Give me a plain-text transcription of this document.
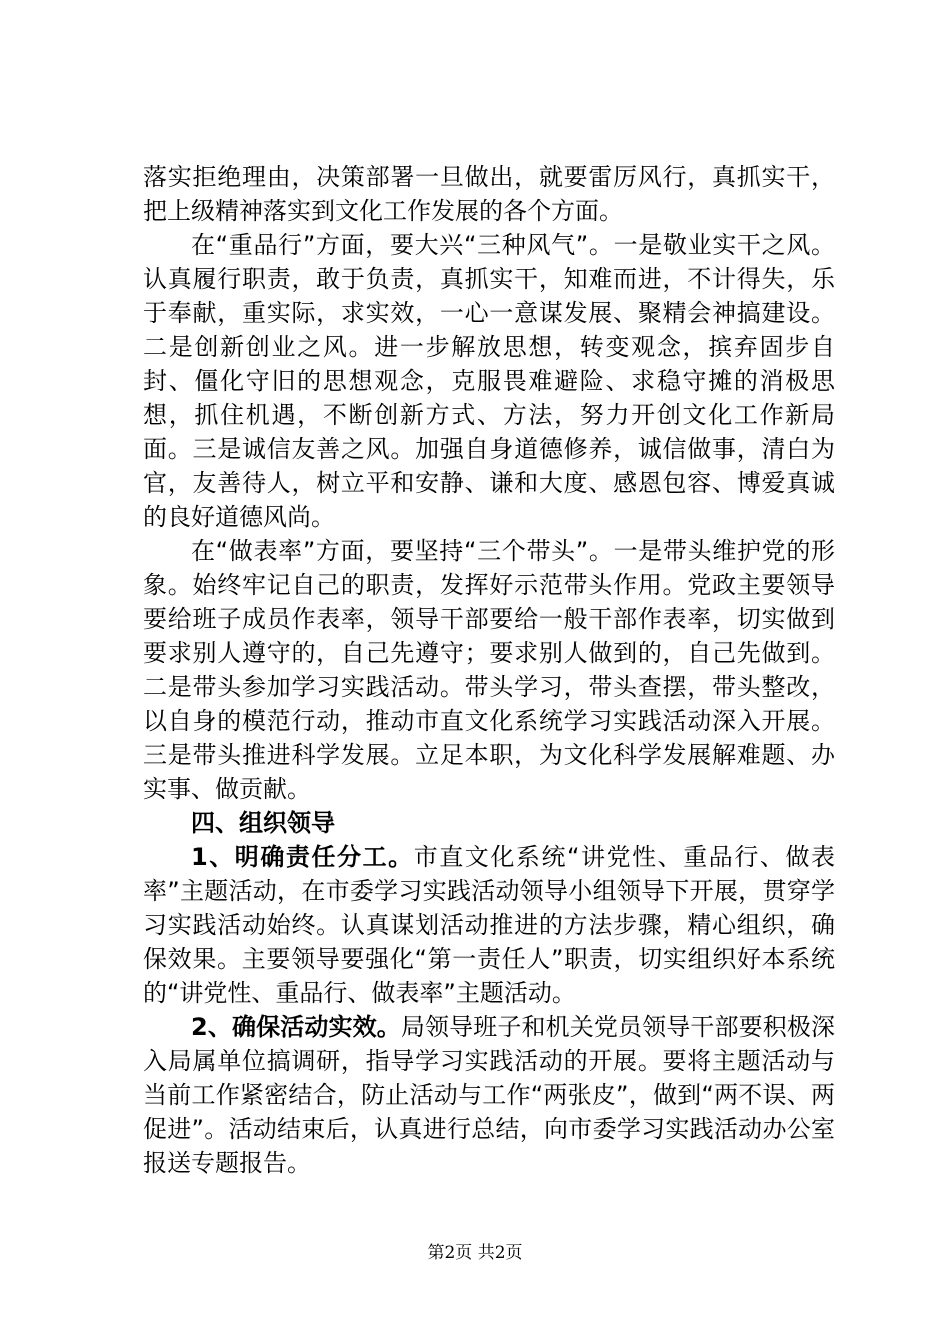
落实拒绝理由，决策部署一旦做出，就要雷厉风行，真抓实干，把上级精神落实到文化工作发展的各个方面。

在“重品行”方面，要大兴“三种风气”。一是敬业实干之风。认真履行职责，敢于负责，真抓实干，知难而进，不计得失，乐于奉献，重实际，求实效，一心一意谋发展、聚精会神搞建设。二是创新创业之风。进一步解放思想，转变观念，摈弃固步自封、僵化守旧的思想观念，克服畏难避险、求稳守摊的消极思想，抓住机遇，不断创新方式、方法，努力开创文化工作新局面。三是诚信友善之风。加强自身道德修养，诚信做事，清白为官，友善待人，树立平和安静、谦和大度、感恩包容、博爱真诚的良好道德风尚。

在“做表率”方面，要坚持“三个带头”。一是带头维护党的形象。始终牢记自己的职责，发挥好示范带头作用。党政主要领导要给班子成员作表率，领导干部要给一般干部作表率，切实做到要求别人遵守的，自己先遵守；要求别人做到的，自己先做到。二是带头参加学习实践活动。带头学习，带头查摆，带头整改，以自身的模范行动，推动市直文化系统学习实践活动深入开展。三是带头推进科学发展。立足本职，为文化科学发展解难题、办实事、做贡献。

四、组织领导

1、明确责任分工。市直文化系统“讲党性、重品行、做表率”主题活动，在市委学习实践活动领导小组领导下开展，贯穿学习实践活动始终。认真谋划活动推进的方法步骤，精心组织，确保效果。主要领导要强化“第一责任人”职责，切实组织好本系统的“讲党性、重品行、做表率”主题活动。

2、确保活动实效。局领导班子和机关党员领导干部要积极深入局属单位搞调研，指导学习实践活动的开展。要将主题活动与当前工作紧密结合，防止活动与工作“两张皮”，做到“两不误、两促进”。活动结束后，认真进行总结，向市委学习实践活动办公室报送专题报告。

第2页 共2页
